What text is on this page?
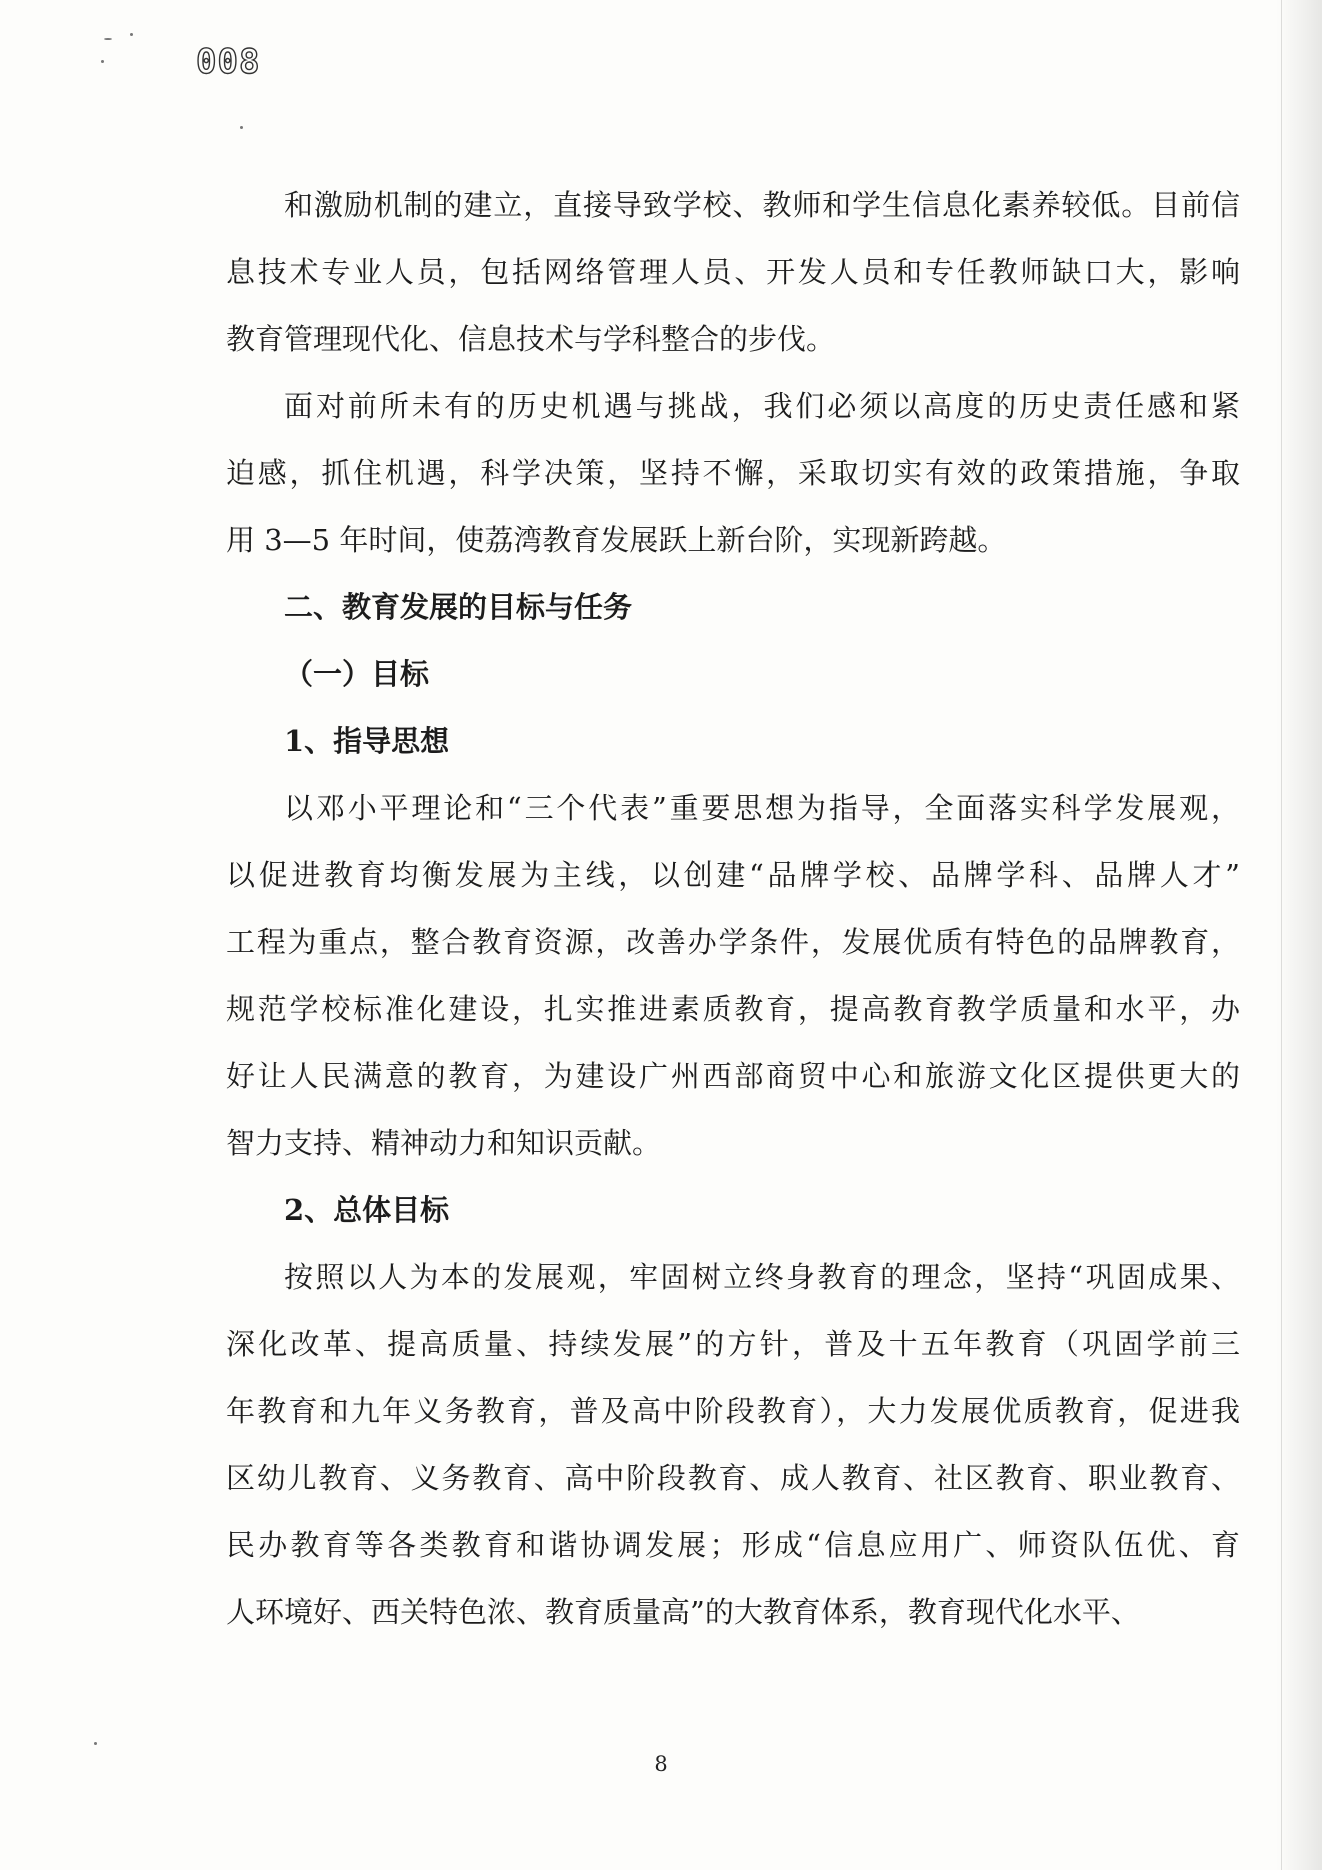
008
和激励机制的建立，直接导致学校、教师和学生信息化素养较低。目前信
息技术专业人员，包括网络管理人员、开发人员和专任教师缺口大，影响
教育管理现代化、信息技术与学科整合的步伐。
面对前所未有的历史机遇与挑战，我们必须以高度的历史责任感和紧
迫感，抓住机遇，科学决策，坚持不懈，采取切实有效的政策措施，争取
用 3—5 年时间，使荔湾教育发展跃上新台阶，实现新跨越。
二、教育发展的目标与任务
（一）目标
1、指导思想
以邓小平理论和“三个代表”重要思想为指导，全面落实科学发展观，
以促进教育均衡发展为主线，以创建“品牌学校、品牌学科、品牌人才”
工程为重点，整合教育资源，改善办学条件，发展优质有特色的品牌教育，
规范学校标准化建设，扎实推进素质教育，提高教育教学质量和水平，办
好让人民满意的教育，为建设广州西部商贸中心和旅游文化区提供更大的
智力支持、精神动力和知识贡献。
2、总体目标
按照以人为本的发展观，牢固树立终身教育的理念，坚持“巩固成果、
深化改革、提高质量、持续发展”的方针，普及十五年教育（巩固学前三
年教育和九年义务教育，普及高中阶段教育），大力发展优质教育，促进我
区幼儿教育、义务教育、高中阶段教育、成人教育、社区教育、职业教育、
民办教育等各类教育和谐协调发展；形成“信息应用广、师资队伍优、育
人环境好、西关特色浓、教育质量高”的大教育体系，教育现代化水平、
8
